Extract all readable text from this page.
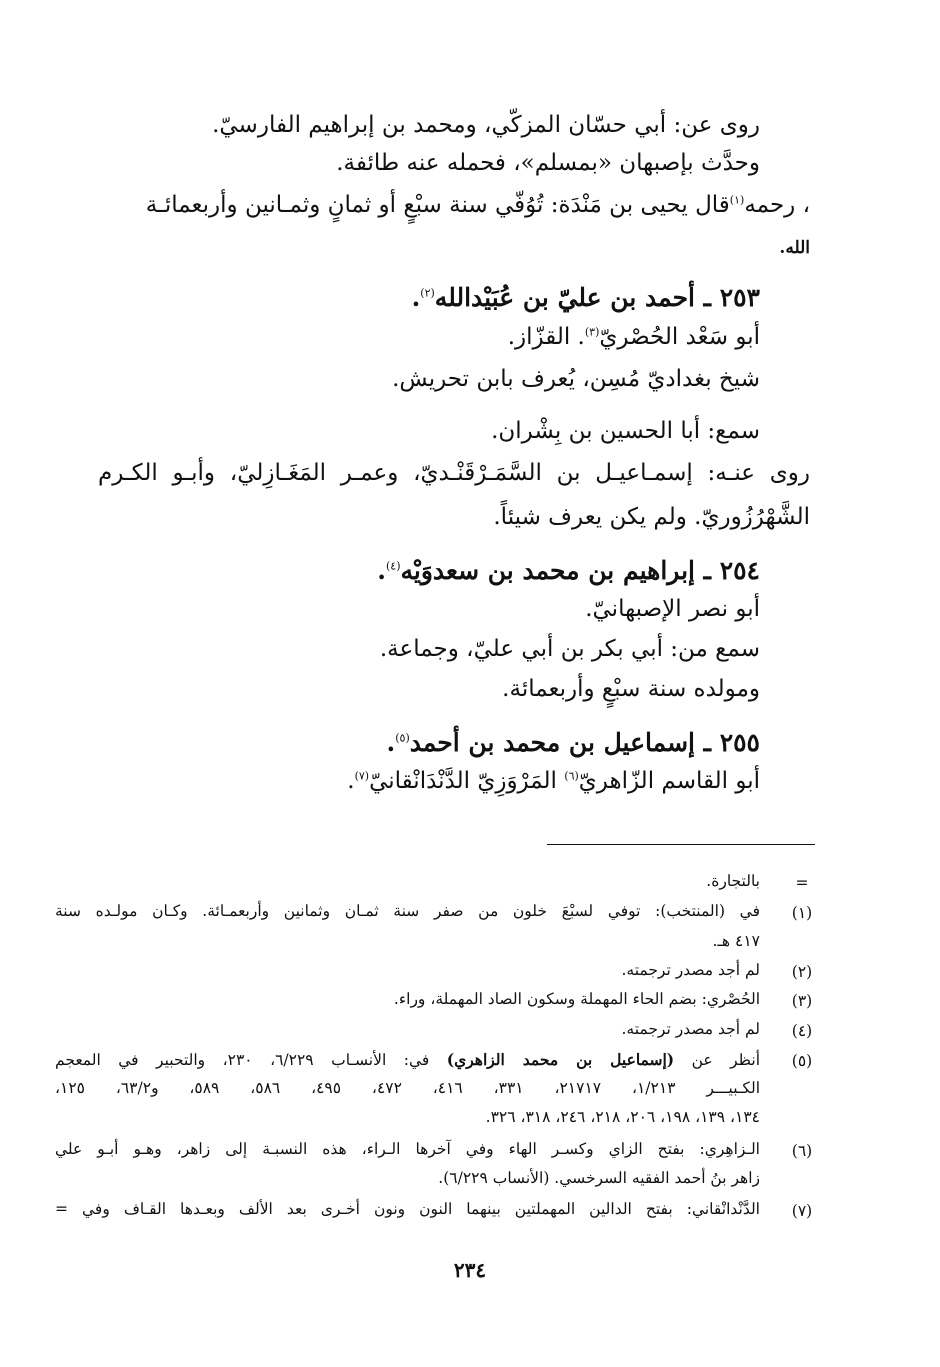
روى عن: أبي حسّان المزكّي، ومحمد بن إبراهيم الفارسيّ.
وحدَّث بإصبهان «بمسلم»، فحمله عنه طائفة.
، رحمه$^{(١)}$قال يحيى بن مَنْدَة: تُوُفّي سنة سبْعٍ أو ثمانٍ وثمـانين وأربعمائـة
الله.
٢٥٣ ـ أحمد بن عليّ بن عُبَيْدالله$^{(٢)}$.
أبو سَعْد الحُصْريّ$^{(٣)}$. القزّاز.
شيخ بغداديّ مُسِن، يُعرف بابن تحريش.
سمع: أبا الحسين بن بِشْران.
روى عنـه: إسمـاعيـل بن السَّمَـرْقَنْـديّ، وعمـر المَغَـازِليّ، وأبـو الكـرم
الشَّهْرُزُوريّ. ولم يكن يعرف شيئاً.
٢٥٤ ـ إبراهيم بن محمد بن سعدوَيْه$^{(٤)}$.
أبو نصر الإصبهانيّ.
سمع من: أبي بكر بن أبي عليّ، وجماعة.
ومولده سنة سبْعٍ وأربعمائة.
٢٥٥ ـ إسماعيل بن محمد بن أحمد$^{(٥)}$.
أبو القاسم الزّاهريّ$^{(٦)}$ المَرْوَزِيّ الدَّنْدَانْقانيّ$^{(٧)}$.
=
بالتجارة.
(١)
في (المنتخب): توفي لسبْعَ خلون من صفر سنة ثمـان وثمانين وأربعمـائة. وكـان مولـده سنة
٤١٧ هـ.
(٢)
لم أجد مصدر ترجمته.
(٣)
الحُصْري: بضم الحاء المهملة وسكون الصاد المهملة، وراء.
(٤)
لم أجد مصدر ترجمته.
(٥)
أنظر عن (إسماعيل بن محمد الزاهري) في: الأنسـاب ٦/٢٢٩، ٢٣٠، والتحبير في المعجم
الكـبيـــر ١/٢١٣، ٢١٧١٧، ٣٣١، ٤١٦، ٤٧٢، ٤٩٥، ٥٨٦، ٥٨٩، و٦٣/٢، ١٢٥،
١٣٤، ١٣٩، ١٩٨، ٢٠٦، ٢١٨، ٢٤٦، ٣١٨، ٣٢٦.
(٦)
الـزاهِري: بفتح الزاي وكسـر الهاء وفي آخرها الـراء، هذه النسبـة إلى زاهر، وهـو أبـو علي
زاهر بنُ أحمد الفقيه السرخسي. (الأنساب ٦/٢٢٩).
(٧)
الدَّنْدانْقاني: بفتح الدالين المهملتين بينهما النون ونون أخـرى بعد الألف وبعـدها القـاف وفي =
٢٣٤
